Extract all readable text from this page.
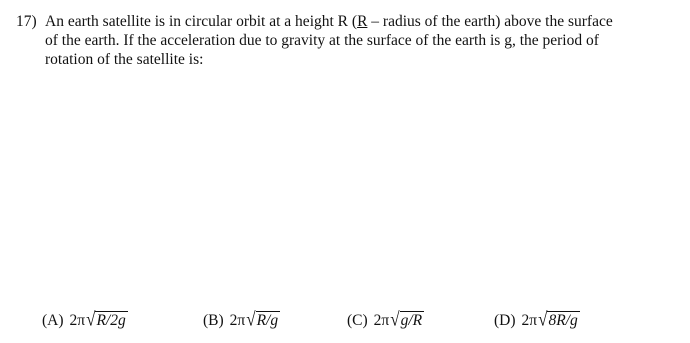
17) An earth satellite is in circular orbit at a height R (R – radius of the earth) above the surface
of the earth. If the acceleration due to gravity at the surface of the earth is g, the period of
rotation of the satellite is:
(A) 2π √ R/2g	(B) 2π √ R/g	(C) 2π √ g/R	(D) 2π √ 8R/g
